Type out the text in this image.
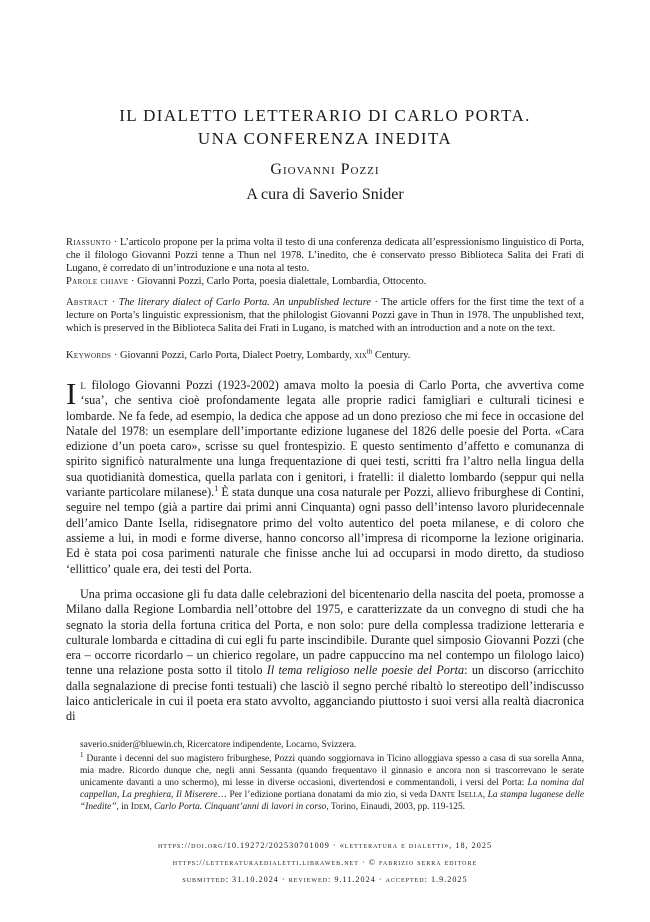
IL DIALETTO LETTERARIO DI CARLO PORTA.
UNA CONFERENZA INEDITA
Giovanni Pozzi
A cura di Saverio Snider

Riassunto · L’articolo propone per la prima volta il testo di una conferenza dedicata all’espressionismo linguistico di Porta, che il filologo Giovanni Pozzi tenne a Thun nel 1978. L’inedito, che è conservato presso Biblioteca Salita dei Frati di Lugano, è corredato di un’introduzione e una nota al testo.

Parole chiave · Giovanni Pozzi, Carlo Porta, poesia dialettale, Lombardia, Ottocento.

Abstract · The literary dialect of Carlo Porta. An unpublished lecture · The article offers for the first time the text of a lecture on Porta’s linguistic expressionism, that the philologist Giovanni Pozzi gave in Thun in 1978. The unpublished text, which is preserved in the Biblioteca Salita dei Frati in Lugano, is matched with an introduction and a note on the text.

Keywords · Giovanni Pozzi, Carlo Porta, Dialect Poetry, Lombardy, xix$^{th}$ Century.

Il filologo Giovanni Pozzi (1923-2002) amava molto la poesia di Carlo Porta, che avvertiva come ‘sua’, che sentiva cioè profondamente legata alle proprie radici famigliari e culturali ticinesi e lombarde. Ne fa fede, ad esempio, la dedica che appose ad un dono prezioso che mi fece in occasione del Natale del 1978: un esemplare dell’importante edizione luganese del 1826 delle poesie del Porta. «Cara edizione d’un poeta caro», scrisse su quel frontespizio. E questo sentimento d’affetto e comunanza di spirito significò naturalmente una lunga frequentazione di quei testi, scritti fra l’altro nella lingua della sua quotidianità domestica, quella parlata con i genitori, i fratelli: il dialetto lombardo (seppur qui nella variante particolare milanese).$^1$ È stata dunque una cosa naturale per Pozzi, allievo friburghese di Contini, seguire nel tempo (già a partire dai primi anni Cinquanta) ogni passo dell’intenso lavoro pluridecennale dell’amico Dante Isella, ridisegnatore primo del volto autentico del poeta milanese, e di coloro che assieme a lui, in modi e forme diverse, hanno concorso all’impresa di ricomporne la lezione originaria. Ed è stata poi cosa parimenti naturale che finisse anche lui ad occuparsi in modo diretto, da studioso ‘ellittico’ quale era, dei testi del Porta.

Una prima occasione gli fu data dalle celebrazioni del bicentenario della nascita del poeta, promosse a Milano dalla Regione Lombardia nell’ottobre del 1975, e caratterizzate da un convegno di studi che ha segnato la storia della fortuna critica del Porta, e non solo: pure della complessa tradizione letteraria e culturale lombarda e cittadina di cui egli fu parte inscindibile. Durante quel simposio Giovanni Pozzi (che era – occorre ricordarlo – un chierico regolare, un padre cappuccino ma nel contempo un filologo laico) tenne una relazione posta sotto il titolo Il tema religioso nelle poesie del Porta: un discorso (arricchito dalla segnalazione di precise fonti testuali) che lasciò il segno perché ribaltò lo stereotipo dell’indiscusso laico anticlericale in cui il poeta era stato avvolto, agganciando piuttosto i suoi versi alla realtà diacronica di

saverio.snider@bluewin.ch, Ricercatore indipendente, Locarno, Svizzera.

$^1$ Durante i decenni del suo magistero friburghese, Pozzi quando soggiornava in Ticino alloggiava spesso a casa di sua sorella Anna, mia madre. Ricordo dunque che, negli anni Sessanta (quando frequentavo il ginnasio e ancora non si trascorrevano le serate unicamente davanti a uno schermo), mi lesse in diverse occasioni, divertendosi e commentandoli, i versi del Porta: La nomina dal cappellan, La preghiera, Il Miserere… Per l’edizione portiana donatami da mio zio, si veda Dante Isella, La stampa luganese delle “Inedite”, in Idem, Carlo Porta. Cinquant’anni di lavori in corso, Torino, Einaudi, 2003, pp. 119-125.

https://doi.org/10.19272/202530701009 · «letteratura e dialetti», 18, 2025
https://letteraturaedialetti.libraweb.net · © fabrizio serra editore
submitted: 31.10.2024 · reviewed: 9.11.2024 · accepted: 1.9.2025
